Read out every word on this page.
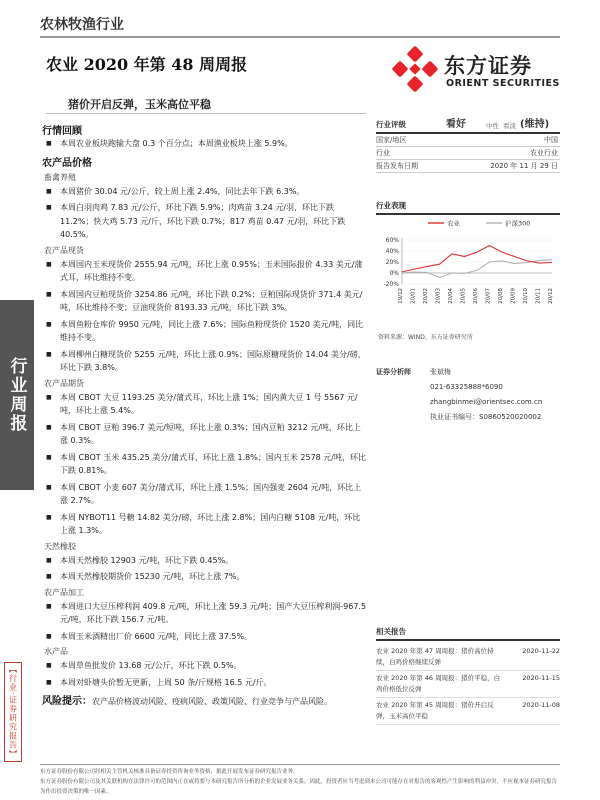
农林牧渔行业
行业周报
【行业·证券研究报告】
农业 2020 年第 48 周周报
猪价开启反弹，玉米高位平稳
东方证券
ORIENT SECURITIES
行情回顾
■ 本周农业板块跑输大盘 0.3 个百分点；本周渔业板块上涨 5.9%。
农产品价格
畜禽养殖
■ 本周猪价 30.04 元/公斤，较上周上涨 2.4%，同比去年下跌 6.3%。
■ 本周白羽肉鸡 7.83 元/公斤，环比下跌 5.9%；肉鸡苗 3.24 元/羽，环比下跌 11.2%；快大鸡 5.73 元/斤，环比下跌 0.7%；817 鸡苗 0.47 元/羽，环比下跌 40.5%。
农产品现货
■ 本周国内玉米现货价 2555.94 元/吨，环比上涨 0.95%；玉米国际报价 4.33 美元/蒲式耳，环比维持不变。
■ 本周国内豆粕现货价 3254.86 元/吨，环比下跌 0.2%；豆粕国际现货价 371.4 美元/吨，环比维持不变；豆油现货价 8193.33 元/吨，环比下跌 3%。
■ 本周鱼粉仓库价 9950 元/吨，同比上涨 7.6%；国际鱼粉现货价 1520 美元/吨，同比维持不变。
■ 本周柳州白糖现货价 5255 元/吨，环比上涨 0.9%；国际原糖现货价 14.04 美分/磅，环比下跌 3.8%。
农产品期货
■ 本周 CBOT 大豆 1193.25 美分/蒲式耳，环比上涨 1%；国内黄大豆 1 号 5567 元/吨，环比上涨 5.4%。
■ 本周 CBOT 豆粕 396.7 美元/短吨，环比上涨 0.3%；国内豆粕 3212 元/吨，环比上涨 0.3%。
■ 本周 CBOT 玉米 435.25 美分/蒲式耳，环比上涨 1.8%；国内玉米 2578 元/吨，环比下跌 0.81%。
■ 本周 CBOT 小麦 607 美分/蒲式耳，环比上涨 1.5%；国内强麦 2604 元/吨，环比上涨 2.7%。
■ 本周 NYBOT11 号糖 14.82 美分/磅，环比上涨 2.8%；国内白糖 5108 元/吨，环比上涨 1.3%。
天然橡胶
■ 本周天然橡胶 12903 元/吨，环比下跌 0.45%。
■ 本周天然橡胶期货价 15230 元/吨，环比上涨 7%。
农产品加工
■ 本周进口大豆压榨利润 409.8 元/吨，环比上涨 59.3 元/吨；国产大豆压榨利润-967.5 元/吨，环比下跌 156.7 元/吨。
■ 本周玉米酒精出厂价 6600 元/吨，同比上涨 37.5%。
水产品
■ 本周草鱼批发价 13.68 元/公斤，环比下跌 0.5%。
■ 本周对虾塘头价暂无更新，上周 50 条/斤规格 16.5 元/斤。
风险提示：农产品价格波动风险、疫病风险、政策风险、行业竞争与产品风险。
行业评级	看好	中性 看淡 (维持)
国家/地区	中国
行业	农业行业
报告发布日期	2020 年 11 月 29 日
行业表现
农业	沪深300
60%
40%
20%
0%
-20%
19/12 20/01 20/02 20/03 20/04 20/05 20/06 20/07 20/08 20/09 20/10 20/11 20/12
资料来源：WIND、东方证券研究所
证券分析师	张斌梅
021-63325888*6090
zhangbinmei@orientsec.com.cn
执业证书编号：S0860520020002
相关报告
农业 2020 年第 47 周周报：猪价高位持续，白鸡价格继续反弹
2020-11-22
农业 2020 年第 46 周周报：猪价平稳，白鸡价格低位反弹
2020-11-15
农业 2020 年第 45 周周报：猪价开启反弹，玉米高位平稳
2020-11-08
东方证券股份有限公司经相关主管机关核准具备证券投资咨询业务资格，据此开展发布证券研究报告业务。
东方证券股份有限公司及其关联机构在法律许可的范围内正在或将要与本研究报告所分析的企业发展业务关系。因此，投资者应当考虑到本公司可能存在对报告的客观性产生影响的利益冲突，不应视本证券研究报告为作出投资决策的唯一因素。
